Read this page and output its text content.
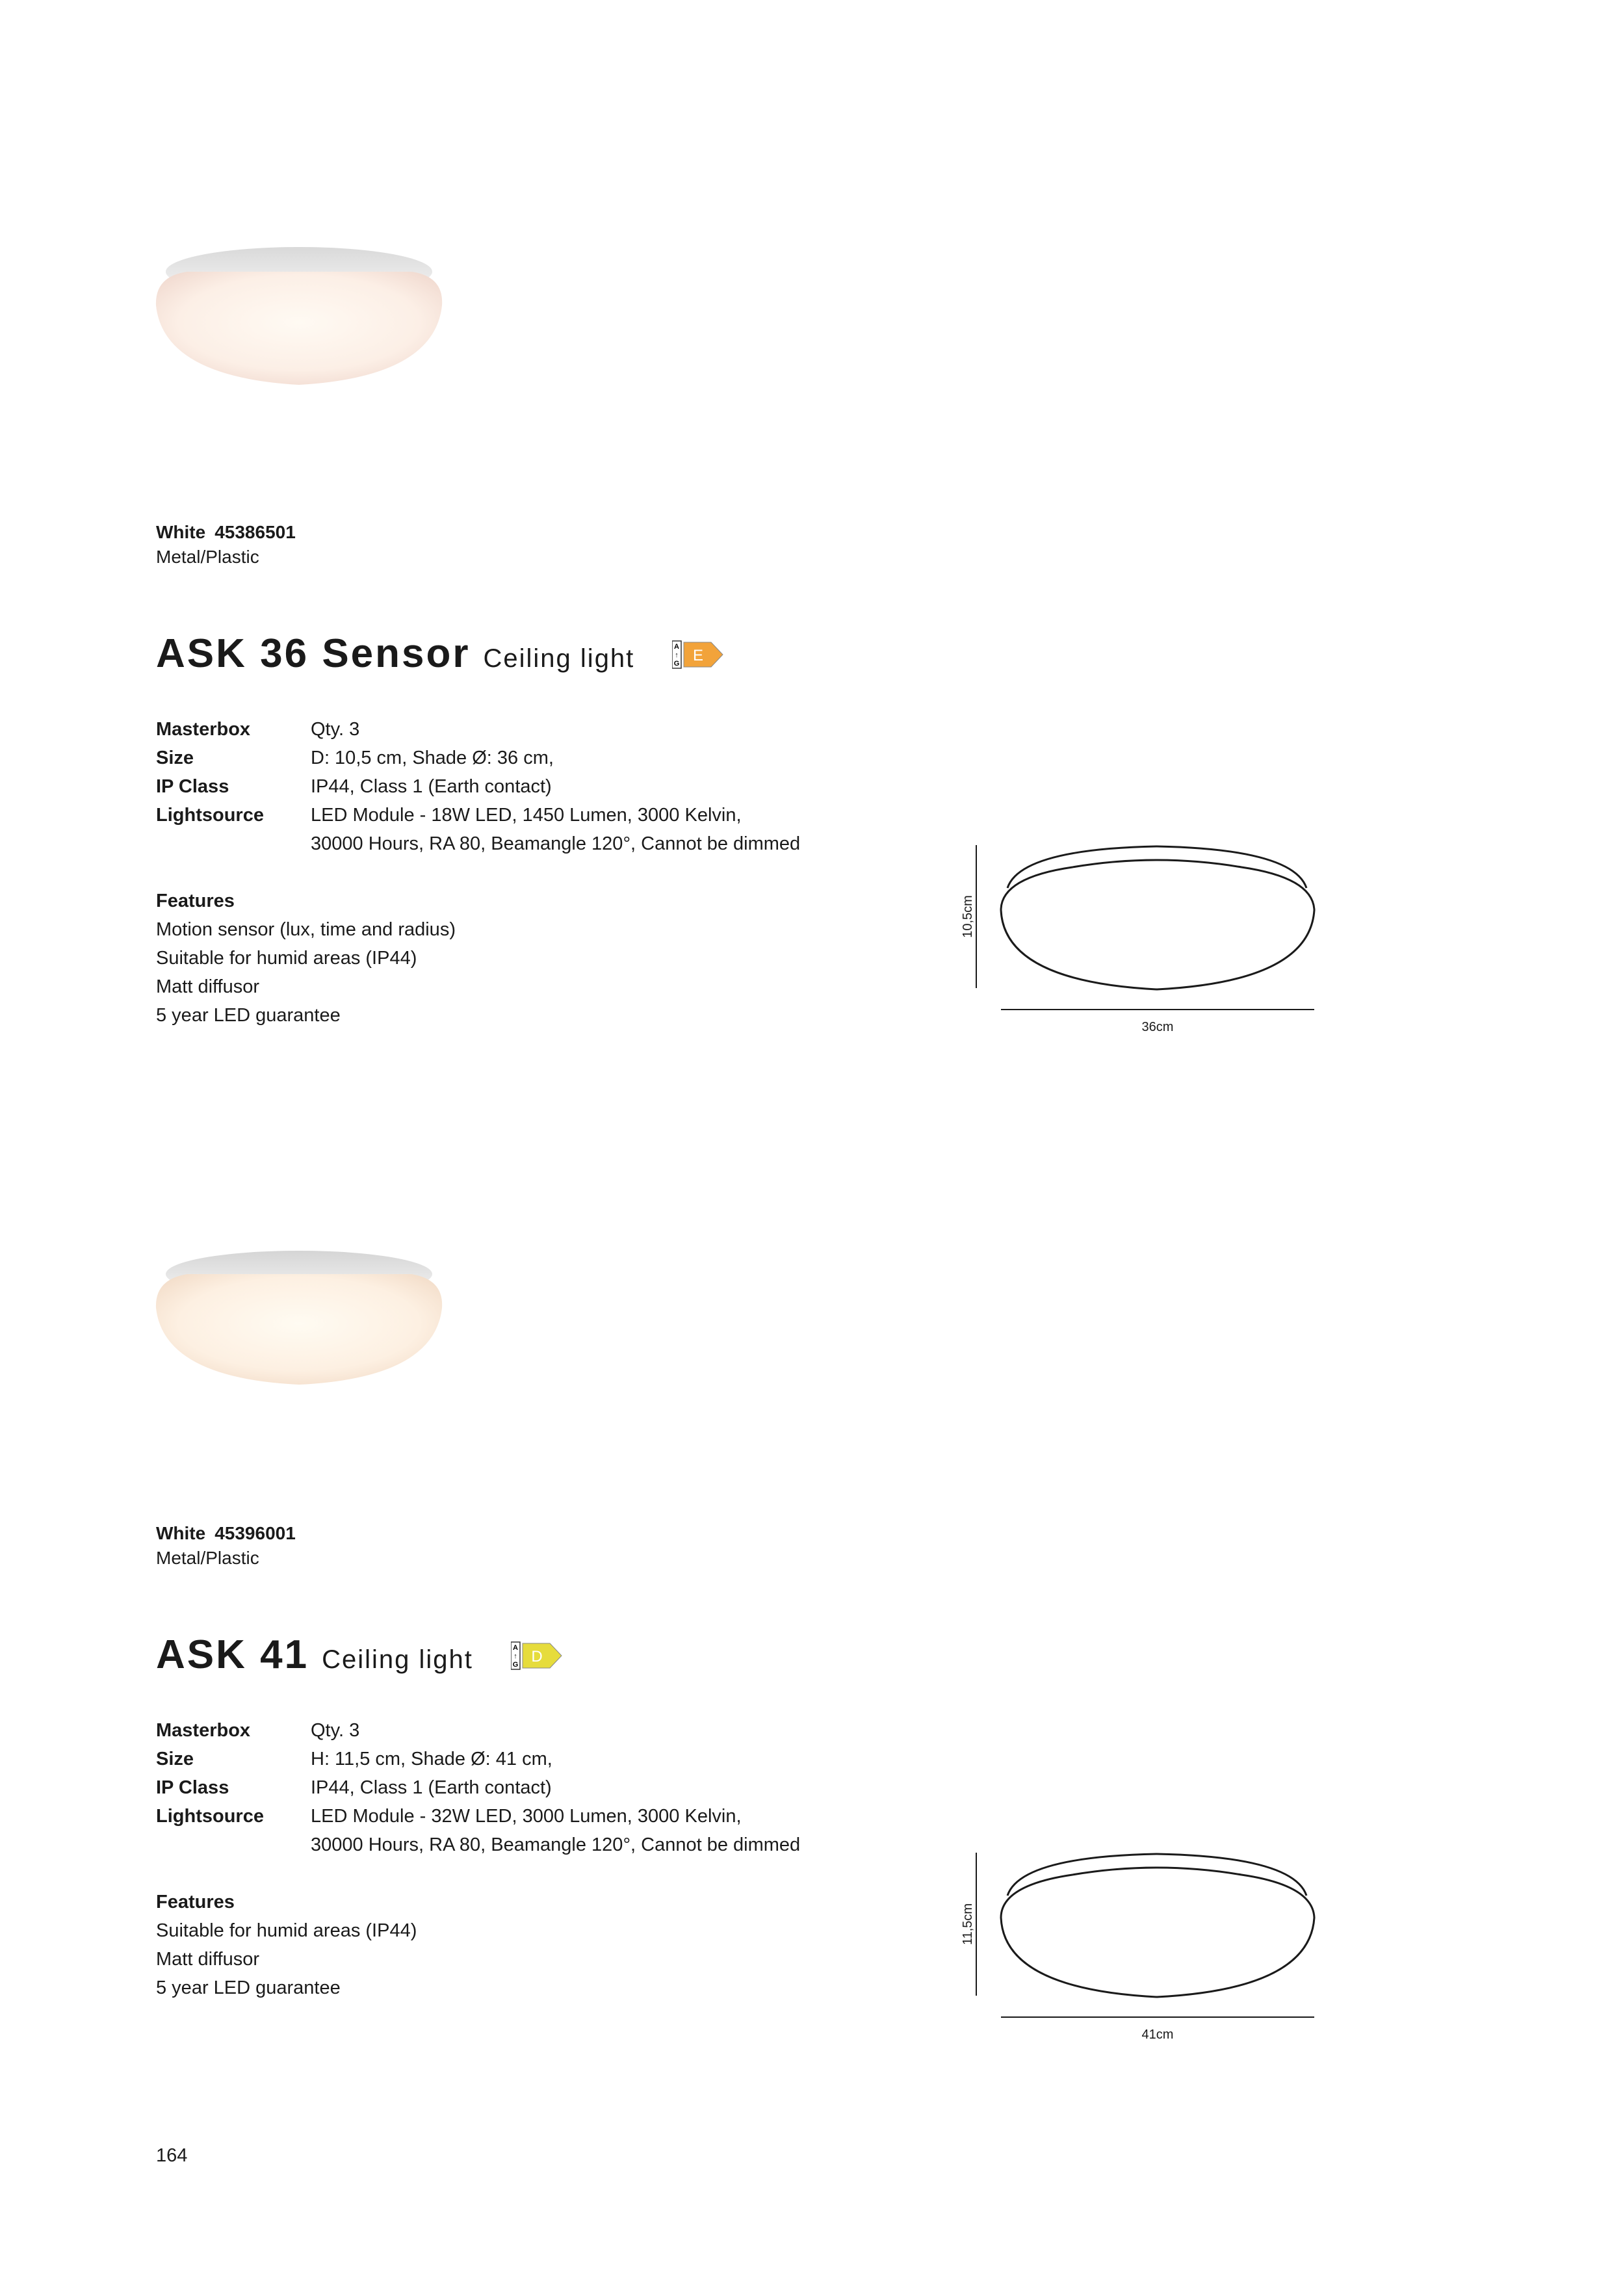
White 45386501
Metal/Plastic
ASK 36 Sensor Ceiling light	A
↑
G E
Masterbox	Qty. 3
Size	D: 10,5 cm, Shade Ø: 36 cm,
IP Class	IP44, Class 1 (Earth contact)
Lightsource	LED Module - 18W LED, 1450 Lumen, 3000 Kelvin,
30000 Hours, RA 80, Beamangle 120°, Cannot be dimmed
Features
Motion sensor (lux, time and radius)
Suitable for humid areas (IP44)
Matt diffusor
5 year LED guarantee
10,5cm
36cm
White 45396001
Metal/Plastic
ASK 41 Ceiling light	A
↑
G D
Masterbox	Qty. 3
Size	H: 11,5 cm, Shade Ø: 41 cm,
IP Class	IP44, Class 1 (Earth contact)
Lightsource	LED Module - 32W LED, 3000 Lumen, 3000 Kelvin,
30000 Hours, RA 80, Beamangle 120°, Cannot be dimmed
Features
Suitable for humid areas (IP44)
Matt diffusor
5 year LED guarantee
11,5cm
41cm
164
